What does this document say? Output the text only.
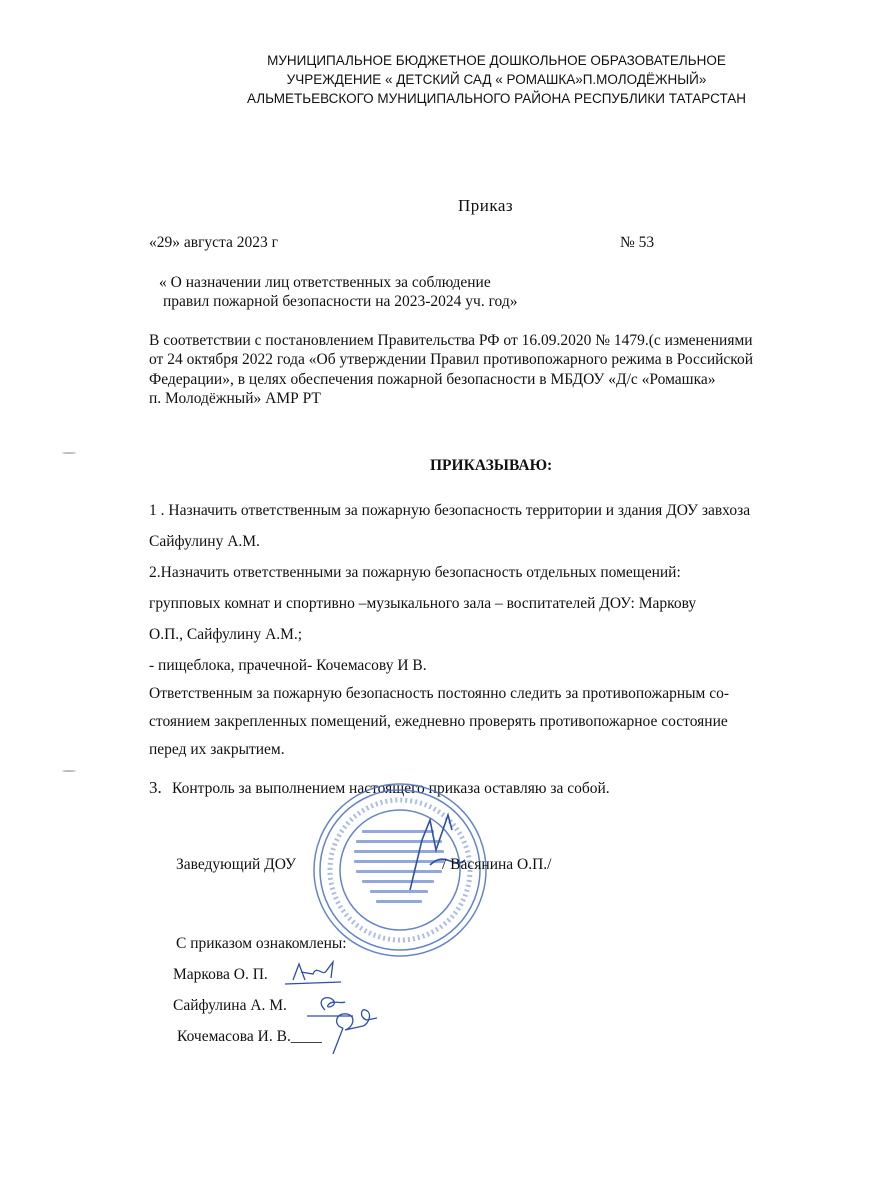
МУНИЦИПАЛЬНОЕ БЮДЖЕТНОЕ ДОШКОЛЬНОЕ ОБРАЗОВАТЕЛЬНОЕ
УЧРЕЖДЕНИЕ « ДЕТСКИЙ САД « РОМАШКА»П.МОЛОДЁЖНЫЙ»
АЛЬМЕТЬЕВСКОГО МУНИЦИПАЛЬНОГО РАЙОНА РЕСПУБЛИКИ ТАТАРСТАН
Приказ
«29» августа 2023 г	№ 53
« О назначении лиц ответственных за соблюдение
правил пожарной безопасности на 2023-2024 уч. год»
В соответствии с постановлением Правительства РФ от 16.09.2020 № 1479.(с изменениями
от 24 октября 2022 года «Об утверждении Правил противопожарного режима в Российской
Федерации», в целях обеспечения пожарной безопасности в МБДОУ «Д/с «Ромашка»
п. Молодёжный» АМР РТ
ПРИКАЗЫВАЮ:
1 . Назначить ответственным за пожарную безопасность территории и здания ДОУ завхоза
Сайфулину А.М.
2.Назначить ответственными за пожарную безопасность отдельных помещений:
групповых комнат и спортивно –музыкального зала – воспитателей ДОУ: Маркову
О.П., Сайфулину А.М.;
- пищеблока, прачечной- Кочемасову И В.
Ответственным за пожарную безопасность постоянно следить за противопожарным со-
стоянием закрепленных помещений, ежедневно проверять противопожарное состояние
перед их закрытием.
3. Контроль за выполнением настоящего приказа оставляю за собой.
Заведующий ДОУ	/ Васянина О.П./
С приказом ознакомлены:
Маркова О. П.
Сайфулина А. М.
Кочемасова И. В.____
